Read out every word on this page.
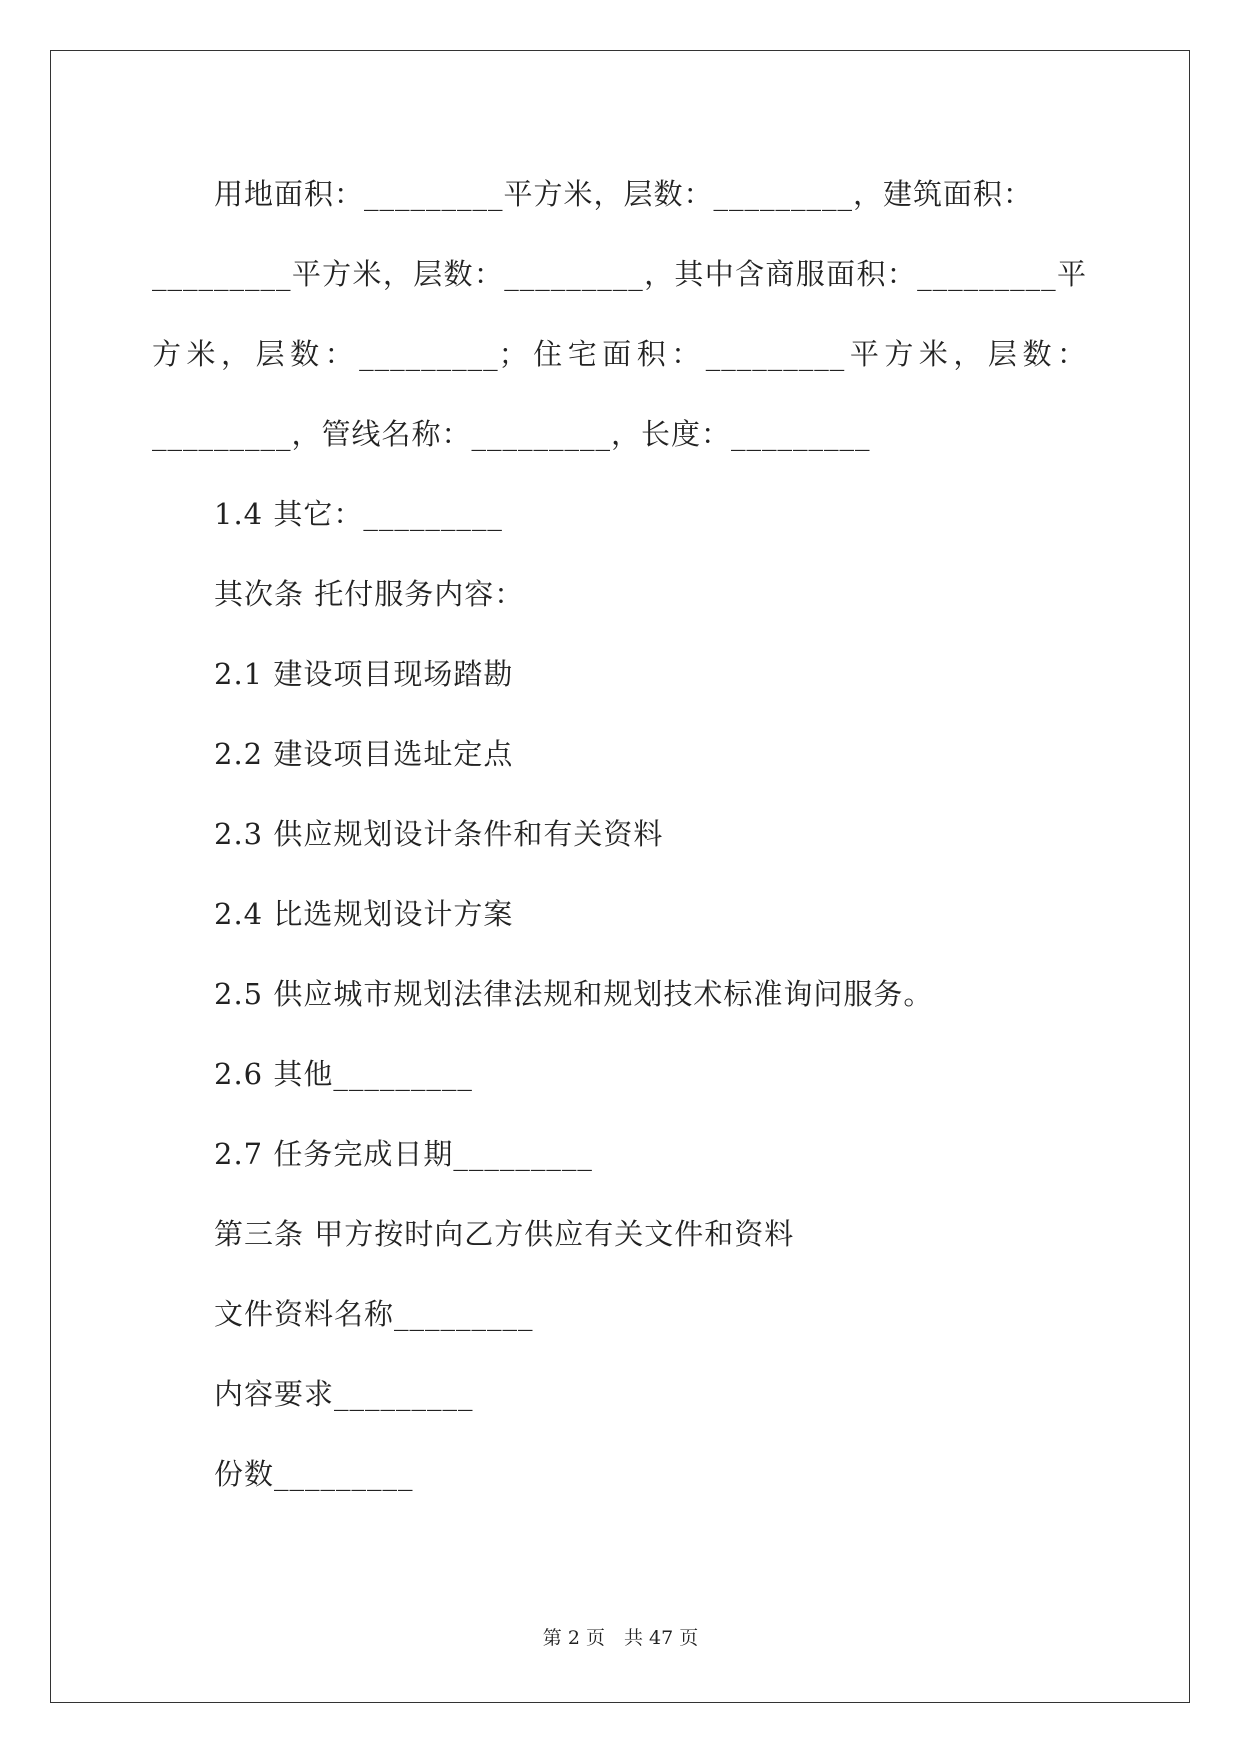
用地面积：_________平方米，层数：_________，建筑面积：
_________平方米，层数：_________，其中含商服面积：_________平
方米，层数：_________；住宅面积：_________平方米，层数：
_________，管线名称：_________，长度：_________
1.4 其它：_________
其次条 托付服务内容：
2.1 建设项目现场踏勘
2.2 建设项目选址定点
2.3 供应规划设计条件和有关资料
2.4 比选规划设计方案
2.5 供应城市规划法律法规和规划技术标准询问服务。
2.6 其他_________
2.7 任务完成日期_________
第三条 甲方按时向乙方供应有关文件和资料
文件资料名称_________
内容要求_________
份数_________
第 2 页　共 47 页
